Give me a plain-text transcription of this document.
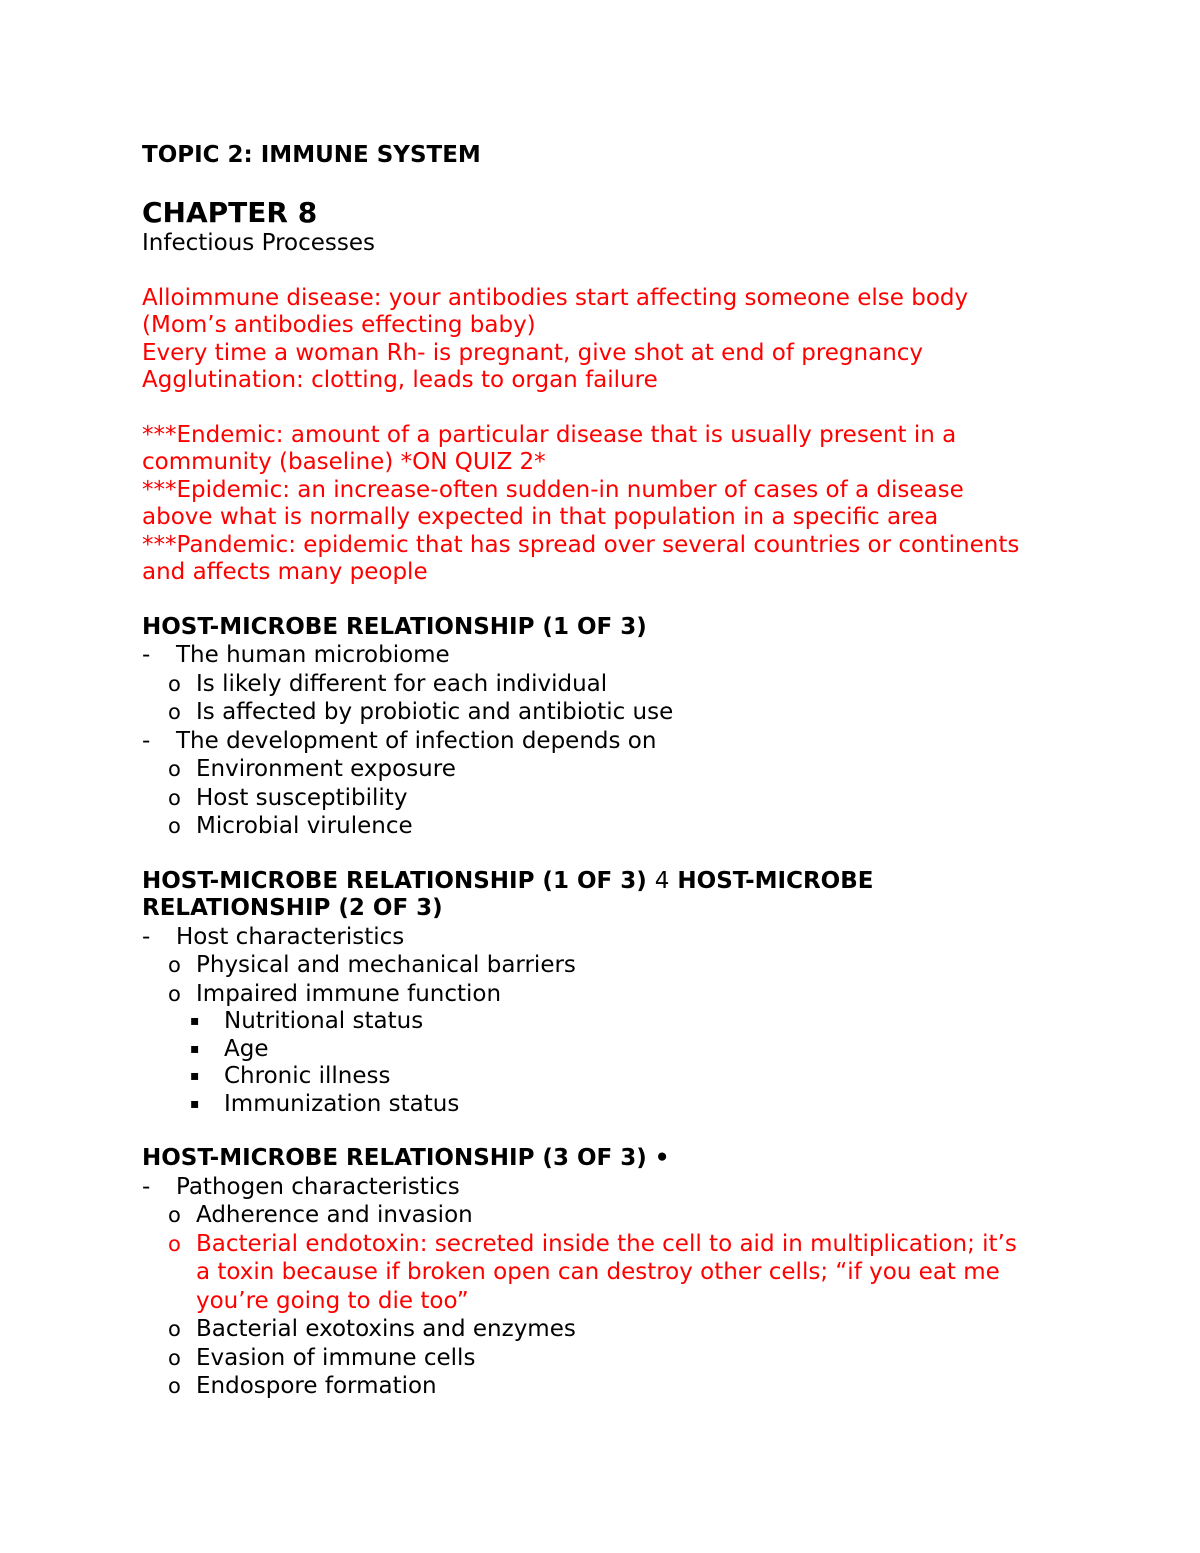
TOPIC 2: IMMUNE SYSTEM
CHAPTER 8
Infectious Processes
Alloimmune disease: your antibodies start affecting someone else body
(Mom’s antibodies effecting baby)
Every time a woman Rh- is pregnant, give shot at end of pregnancy
Agglutination: clotting, leads to organ failure
***Endemic: amount of a particular disease that is usually present in a
community (baseline) *ON QUIZ 2*
***Epidemic: an increase-often sudden-in number of cases of a disease
above what is normally expected in that population in a specific area
***Pandemic: epidemic that has spread over several countries or continents
and affects many people
HOST-MICROBE RELATIONSHIP (1 OF 3)
- The human microbiome
o Is likely different for each individual
o Is affected by probiotic and antibiotic use
- The development of infection depends on
o Environment exposure
o Host susceptibility
o Microbial virulence
HOST-MICROBE RELATIONSHIP (1 OF 3) 4 HOST-MICROBE
RELATIONSHIP (2 OF 3)
- Host characteristics
o Physical and mechanical barriers
o Impaired immune function
▪ Nutritional status
▪ Age
▪ Chronic illness
▪ Immunization status
HOST-MICROBE RELATIONSHIP (3 OF 3) •
- Pathogen characteristics
o Adherence and invasion
o Bacterial endotoxin: secreted inside the cell to aid in multiplication; it’s
a toxin because if broken open can destroy other cells; “if you eat me
you’re going to die too”
o Bacterial exotoxins and enzymes
o Evasion of immune cells
o Endospore formation
